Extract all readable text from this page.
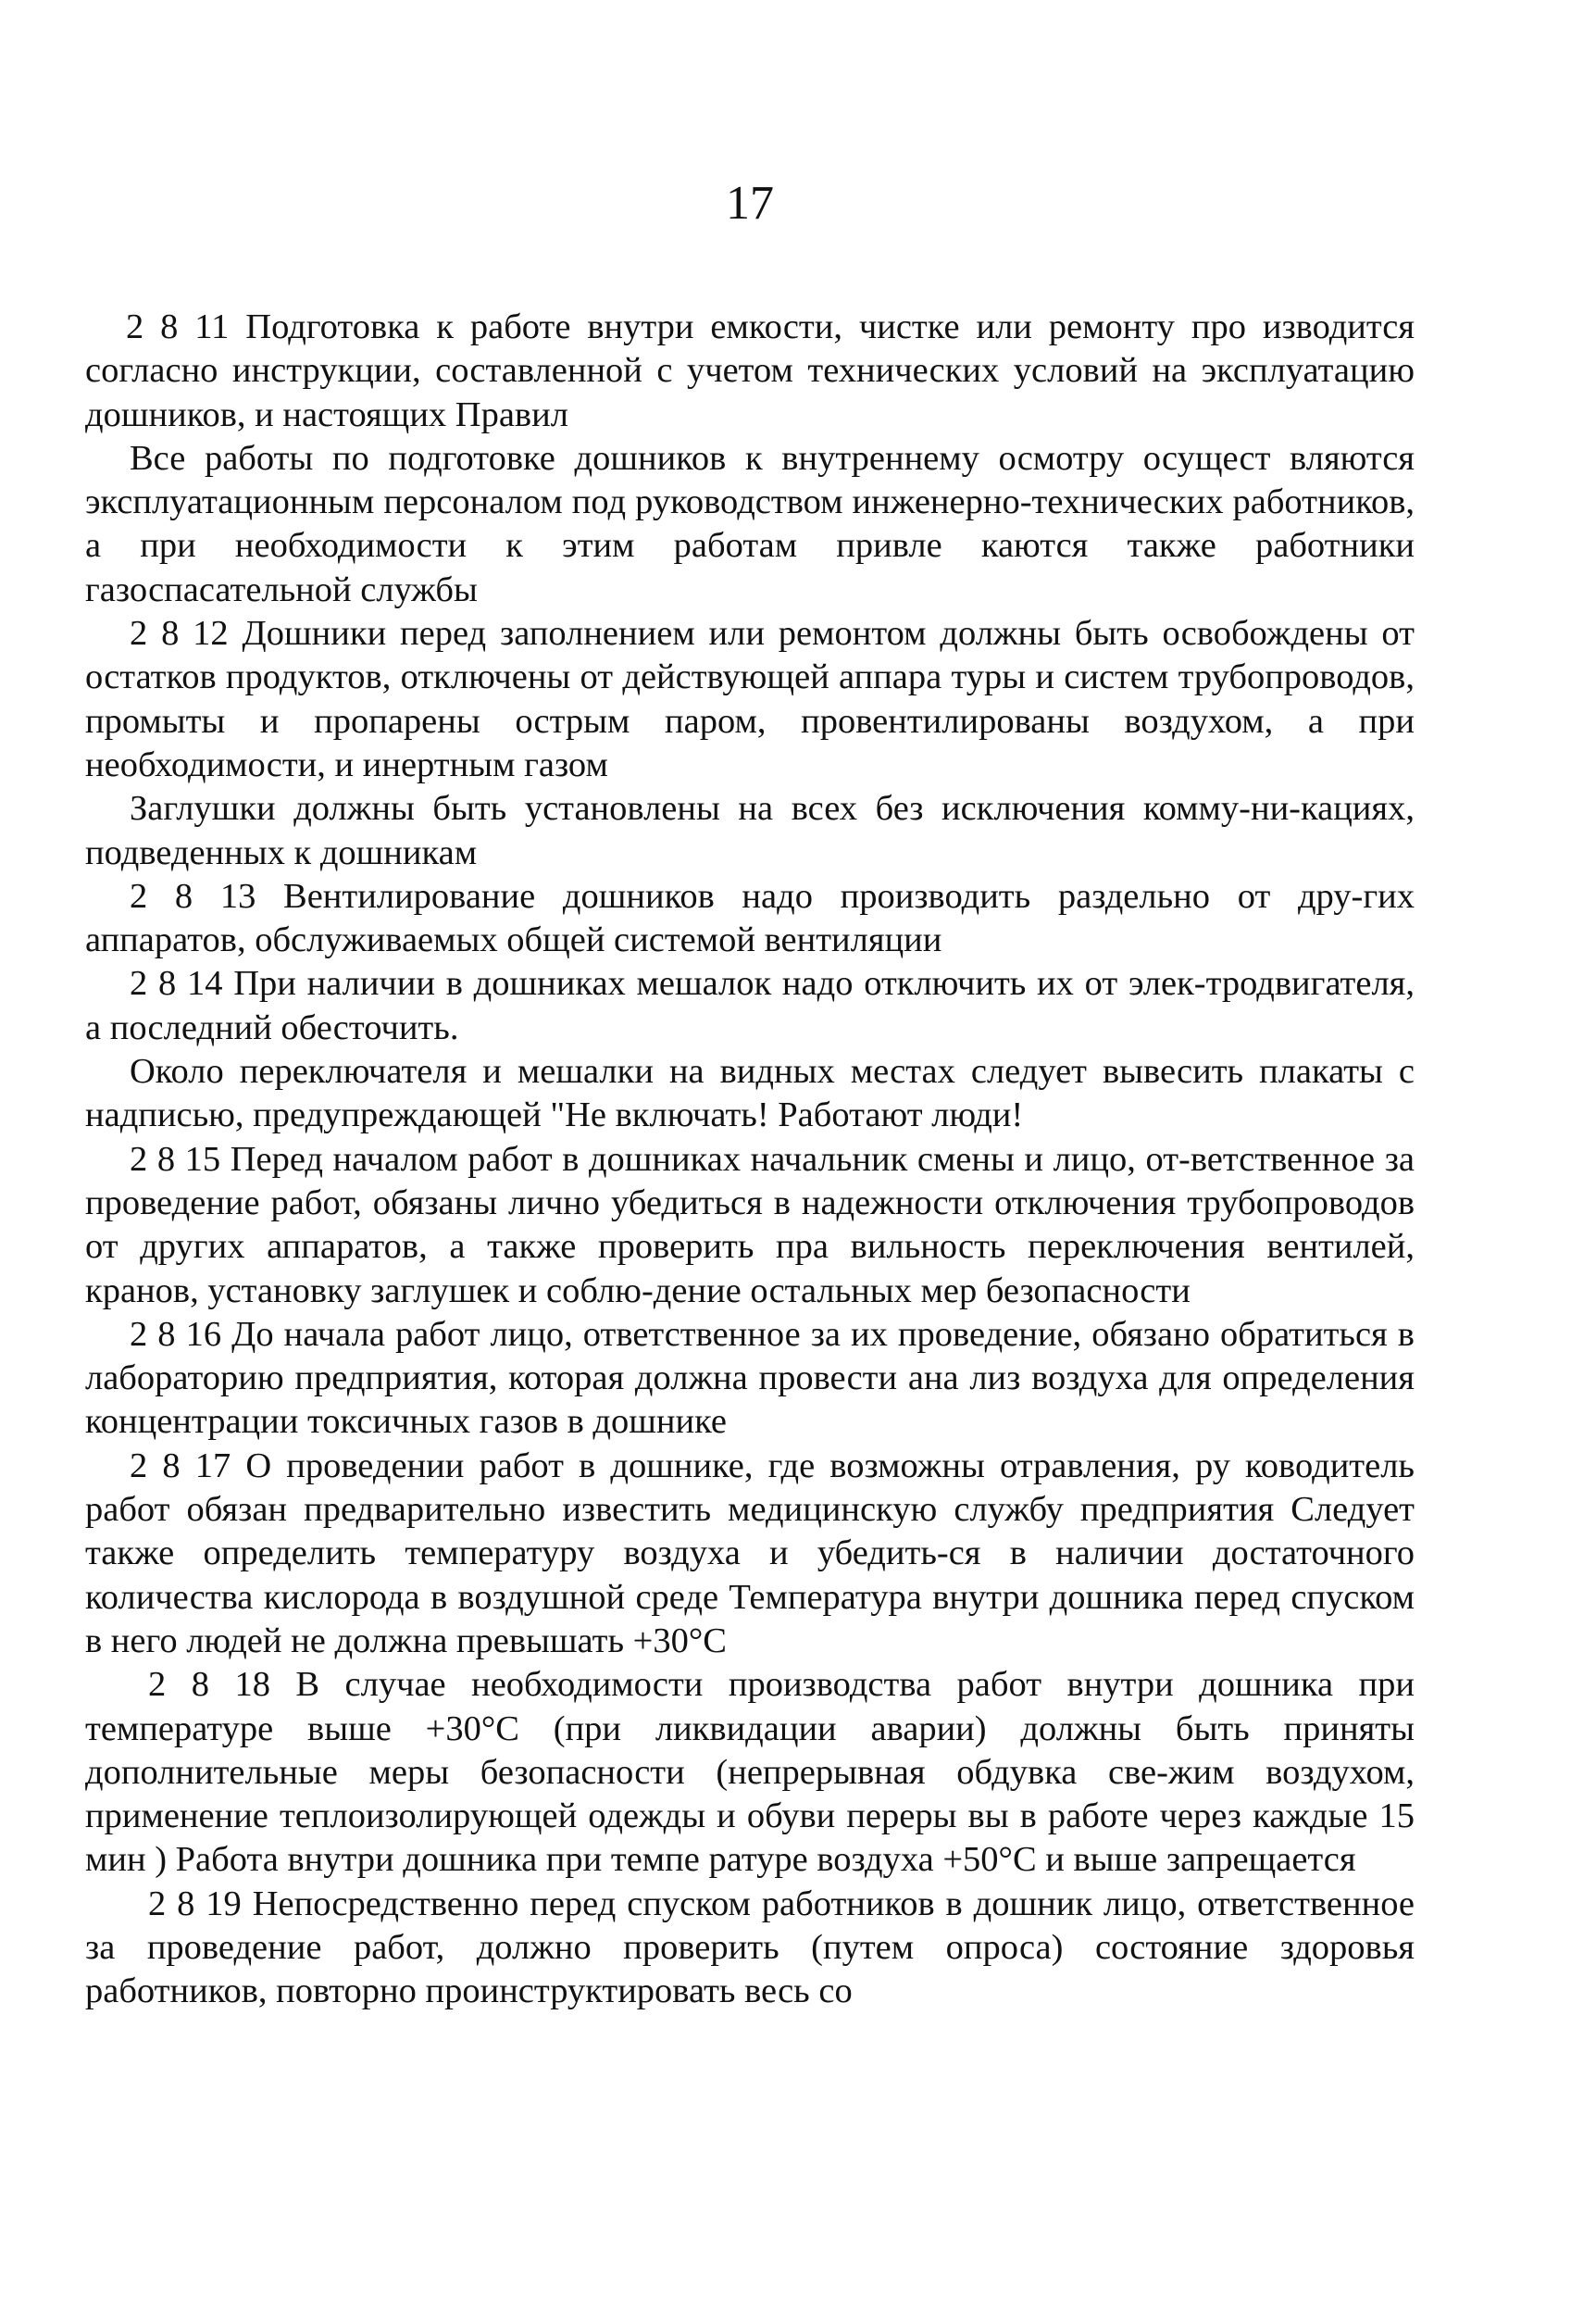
17

2 8 11 Подготовка к работе внутри емкости, чистке или ремонту про изводится согласно инструкции, составленной с учетом технических условий на эксплуатацию дошников, и настоящих Правил

Все работы по подготовке дошников к внутреннему осмотру осущест вляются эксплуатационным персоналом под руководством инженерно-технических работников, а при необходимости к этим работам привле каются также работники газоспасательной службы

2 8 12 Дошники перед заполнением или ремонтом должны быть освобождены от остатков продуктов, отключены от действующей аппара туры и систем трубопроводов, промыты и пропарены острым паром, провентилированы воздухом, а при необходимости, и инертным газом

Заглушки должны быть установлены на всех без исключения комму-ни-кациях, подведенных к дошникам

2 8 13 Вентилирование дошников надо производить раздельно от дру-гих аппаратов, обслуживаемых общей системой вентиляции

2 8 14 При наличии в дошниках мешалок надо отключить их от элек-тродвигателя, а последний обесточить.

Около переключателя и мешалки на видных местах следует вывесить плакаты с надписью, предупреждающей "Не включать! Работают люди!

2 8 15 Перед началом работ в дошниках начальник смены и лицо, от-ветственное за проведение работ, обязаны лично убедиться в надежности отключения трубопроводов от других аппаратов, а также проверить пра вильность переключения вентилей, кранов, установку заглушек и соблю-дение остальных мер безопасности

2 8 16 До начала работ лицо, ответственное за их проведение, обязано обратиться в лабораторию предприятия, которая должна провести ана лиз воздуха для определения концентрации токсичных газов в дошнике

2 8 17 О проведении работ в дошнике, где возможны отравления, ру ководитель работ обязан предварительно известить медицинскую службу предприятия Следует также определить температуру воздуха и убедить-ся в наличии достаточного количества кислорода в воздушной среде Температура внутри дошника перед спуском в него людей не должна превышать +30°С

2 8 18 В случае необходимости производства работ внутри дошника при температуре выше +30°С (при ликвидации аварии) должны быть приняты дополнительные меры безопасности (непрерывная обдувка све-жим воздухом, применение теплоизолирующей одежды и обуви переры вы в работе через каждые 15 мин ) Работа внутри дошника при темпе ратуре воздуха +50°С и выше запрещается

2 8 19 Непосредственно перед спуском работников в дошник лицо, ответственное за проведение работ, должно проверить (путем опроса) состояние здоровья работников, повторно проинструктировать весь со
